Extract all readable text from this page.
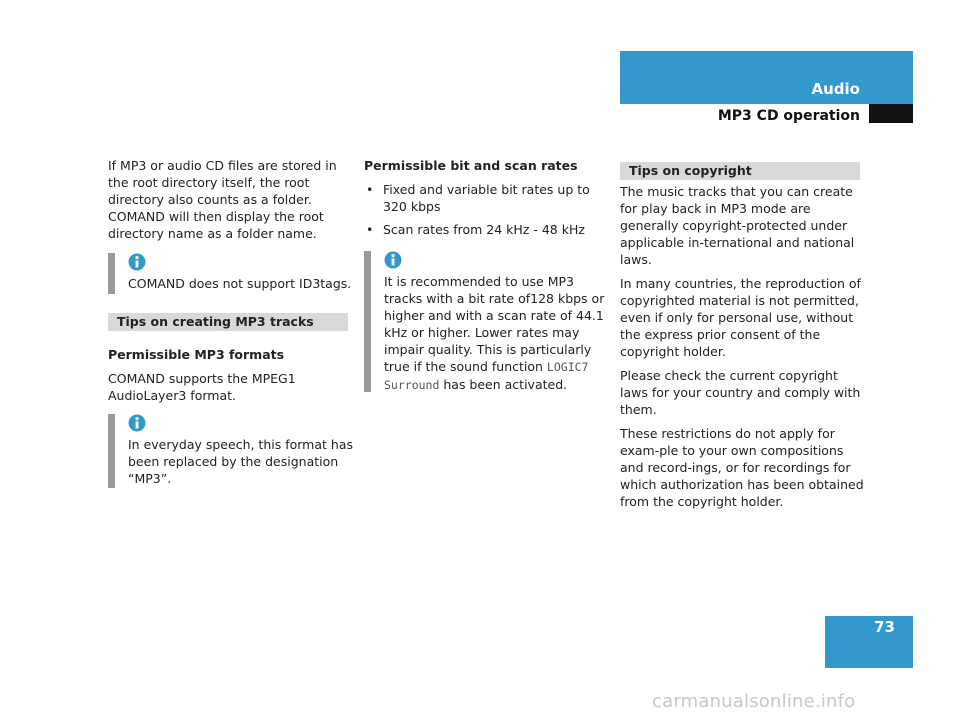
Audio
MP3 CD operation

If MP3 or audio CD files are stored in the root directory itself, the root directory also counts as a folder. COMAND will then display the root directory name as a folder name.

COMAND does not support ID3tags.
Tips on creating MP3 tracks

Permissible MP3 formats

COMAND supports the MPEG1 AudioLayer3 format.

In everyday speech, this format has been replaced by the designation “MP3”.

Permissible bit and scan rates

• Fixed and variable bit rates up to 320 kbps
• Scan rates from 24 kHz - 48 kHz
It is recommended to use MP3 tracks with a bit rate of128 kbps or higher and with a scan rate of 44.1 kHz or higher. Lower rates may impair quality. This is particularly true if the sound function LOGIC7 Surround has been activated.
Tips on copyright

The music tracks that you can create for play back in MP3 mode are generally copyright-protected under applicable in-ternational and national laws.

In many countries, the reproduction of copyrighted material is not permitted, even if only for personal use, without the express prior consent of the copyright holder.

Please check the current copyright laws for your country and comply with them.

These restrictions do not apply for exam-ple to your own compositions and record-ings, or for recordings for which authorization has been obtained from the copyright holder.

73
carmanualsonline.info
